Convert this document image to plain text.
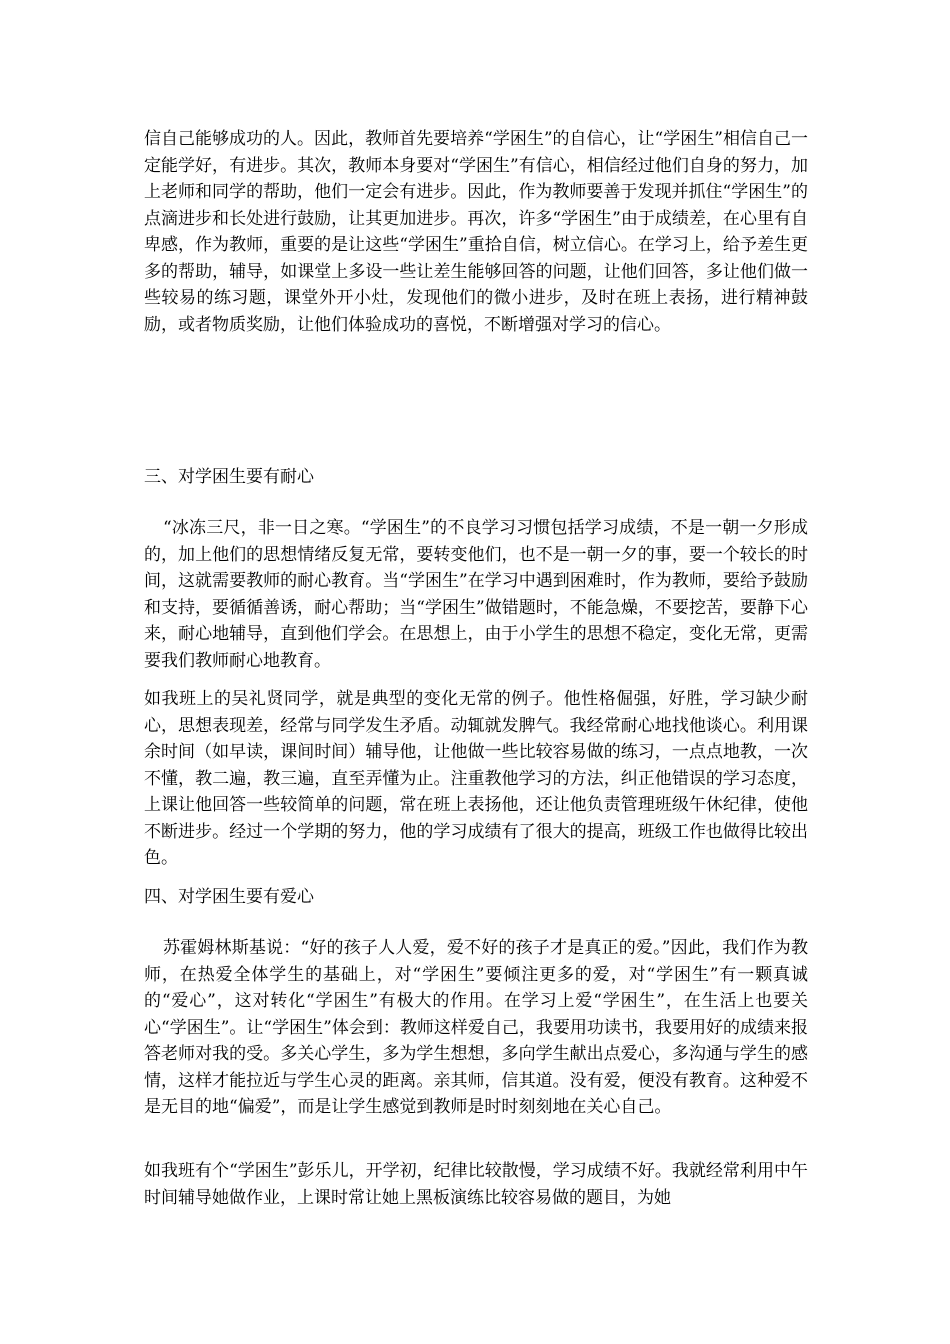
信自己能够成功的人。因此，教师首先要培养“学困生”的自信心，让“学困生”相信自己一定能学好，有进步。其次，教师本身要对“学困生”有信心，相信经过他们自身的努力，加上老师和同学的帮助，他们一定会有进步。因此，作为教师要善于发现并抓住“学困生”的点滴进步和长处进行鼓励，让其更加进步。再次，许多“学困生”由于成绩差，在心里有自卑感，作为教师，重要的是让这些“学困生”重拾自信，树立信心。在学习上，给予差生更多的帮助，辅导，如课堂上多设一些让差生能够回答的问题，让他们回答，多让他们做一些较易的练习题，课堂外开小灶，发现他们的微小进步，及时在班上表扬，进行精神鼓励，或者物质奖励，让他们体验成功的喜悦，不断增强对学习的信心。

三、对学困生要有耐心

“冰冻三尺，非一日之寒。“学困生”的不良学习习惯包括学习成绩，不是一朝一夕形成的，加上他们的思想情绪反复无常，要转变他们，也不是一朝一夕的事，要一个较长的时间，这就需要教师的耐心教育。当“学困生”在学习中遇到困难时，作为教师，要给予鼓励和支持，要循循善诱，耐心帮助；当“学困生”做错题时，不能急燥，不要挖苦，要静下心来，耐心地辅导，直到他们学会。在思想上，由于小学生的思想不稳定，变化无常，更需要我们教师耐心地教育。

如我班上的吴礼贤同学，就是典型的变化无常的例子。他性格倔强，好胜，学习缺少耐心，思想表现差，经常与同学发生矛盾。动辄就发脾气。我经常耐心地找他谈心。利用课余时间（如早读，课间时间）辅导他，让他做一些比较容易做的练习，一点点地教，一次不懂，教二遍，教三遍，直至弄懂为止。注重教他学习的方法，纠正他错误的学习态度，上课让他回答一些较简单的问题，常在班上表扬他，还让他负责管理班级午休纪律，使他不断进步。经过一个学期的努力，他的学习成绩有了很大的提高，班级工作也做得比较出色。

四、对学困生要有爱心

苏霍姆林斯基说：“好的孩子人人爱，爱不好的孩子才是真正的爱。”因此，我们作为教师，在热爱全体学生的基础上，对“学困生”要倾注更多的爱，对“学困生”有一颗真诚的“爱心”，这对转化“学困生”有极大的作用。在学习上爱“学困生”，在生活上也要关心“学困生”。让“学困生”体会到：教师这样爱自己，我要用功读书，我要用好的成绩来报答老师对我的受。多关心学生，多为学生想想，多向学生献出点爱心，多沟通与学生的感情，这样才能拉近与学生心灵的距离。亲其师，信其道。没有爱，便没有教育。这种爱不是无目的地“偏爱”，而是让学生感觉到教师是时时刻刻地在关心自己。

如我班有个“学困生”彭乐儿，开学初，纪律比较散慢，学习成绩不好。我就经常利用中午时间辅导她做作业，上课时常让她上黑板演练比较容易做的题目，为她
